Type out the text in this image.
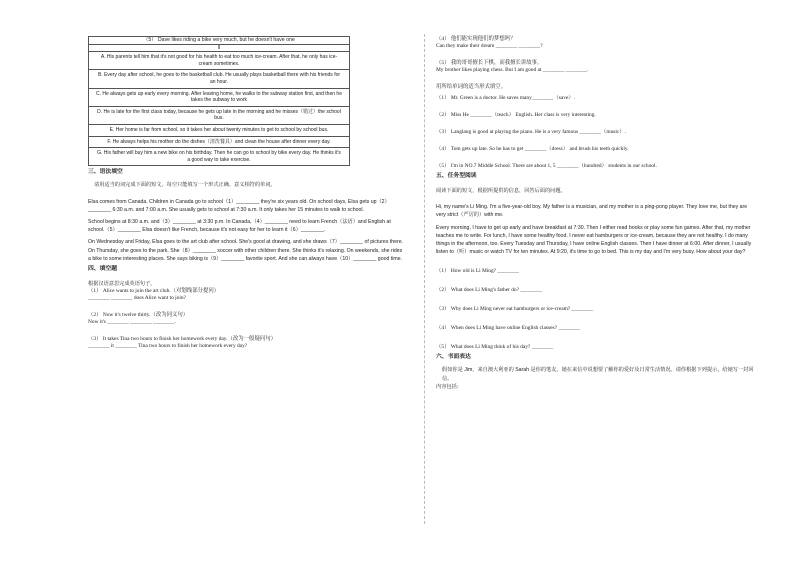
（5） Dave likes riding a bike very much, but he doesn't have one
II
A. His parents tell him that it's not good for his health to eat too much ice-cream. After that, he only has ice-cream sometimes.
B. Every day after school, he goes to the basketball club. He usually plays basketball there with his friends for an hour.
C. He always gets up early every morning. After leaving home, he walks to the subway station first, and then he takes the subway to work
D. He is late for the first class today, because he gets up late in the morning and he misses（错过）the school bus.
E. Her home is far from school, so it takes her about twenty minutes to get to school by school bus.
F. He always helps his mother do the dishes（清洗餐具）and clean the house after dinner every day.
G. His father will buy him a new bike on his birthday. Then he can go to school by bike every day. He thinks it's a good way to take exercise.

三、语法填空

请用适当的词完成下面的短文，每空只能填写一个形式正确、意义相符的单词。

Elsa comes from Canada. Children in Canada go to school（1）________ they're six years old. On school days, Elsa gets up（2）________ 6:30 a.m. and 7:00 a.m. She usually gets to school at 7:30 a.m. It only takes her 15 minutes to walk to school.

School begins at 8:30 a.m. and（3）________ at 3:30 p.m. In Canada,（4）________ need to learn French（法语）and English at school.（5）________ Elsa doesn't like French, because it's not easy for her to learn it（6）________.

On Wednesday and Friday, Elsa goes to the art club after school. She's good at drawing, and she draws（7）________ of pictures there. On Thursday, she goes to the park. She（8）________ soccer with other children there. She thinks it's relaxing. On weekends, she rides a bike to some interesting places. She says biking is（9）________ favorite sport. And she can always have（10）________ good time.

四、填空题

根据汉语意思完成英语句子。

（1） Alice wants to join the art club.（对划线部分提问）

________ ________ does Alice want to join?

（2） Now it's twelve thirty.（改为同义句）

Now it's ________ ________ ________.

（3） It takes Tina two hours to finish her homework every day.（改为一般疑问句）

________ it ________ Tina two hours to finish her homework every day?

（4） 他们能实现他们的梦想吗？

Can they make their dream ________ ________?

（5） 我的哥哥擅长下棋，而我擅长讲故事。

My brother likes playing chess. But I am good at ________ ________.

用所给单词的适当形式填空。

（1） Mr. Green is a doctor. He saves many________（save）.

（2） Miss He ________（teach） English. Her class is very interesting.

（3） Langlang is good at playing the piano. He is a very famous ________（music）.

（4） Tom gets up late. So he has to get ________（dress） and brush his teeth quickly.

（5） I'm in NO.7 Middle School. There are about 1, 5 ________（hundred） students in our school.

五、任务型阅读

阅读下面的短文，根据所提供的信息，回答后面的问题。

Hi, my name's Li Ming. I'm a five-year-old boy. My father is a musician, and my mother is a ping-pong player. They love me, but they are very strict（严厉的）with me.

Every morning, I have to get up early and have breakfast at 7:30. Then I either read books or play some fun games. After that, my mother teaches me to write. For lunch, I have some healthy food. I never eat hamburgers or ice-cream, because they are not healthy. I do many things in the afternoon, too. Every Tuesday and Thursday, I have online English classes. Then I have dinner at 6:00. After dinner, I usually listen to（听）music or watch TV for ten minutes. At 9:20, it's time to go to bed. This is my day and I'm very busy. How about your day?

（1） How old is Li Ming? ________

（2） What does Li Ming's father do? ________

（3） Why does Li Ming never eat hamburgers or ice-cream? ________

（4） When does Li Ming have online English classes? ________

（5） What does Li Ming think of his day? ________

六、书面表达

假如你是 Jim，来自澳大利亚的 Sarah 是你的笔友，她在来信中说想要了解你的爱好及日常生活情况。请你根据下列提示，给她写一封回信。

内容包括：
